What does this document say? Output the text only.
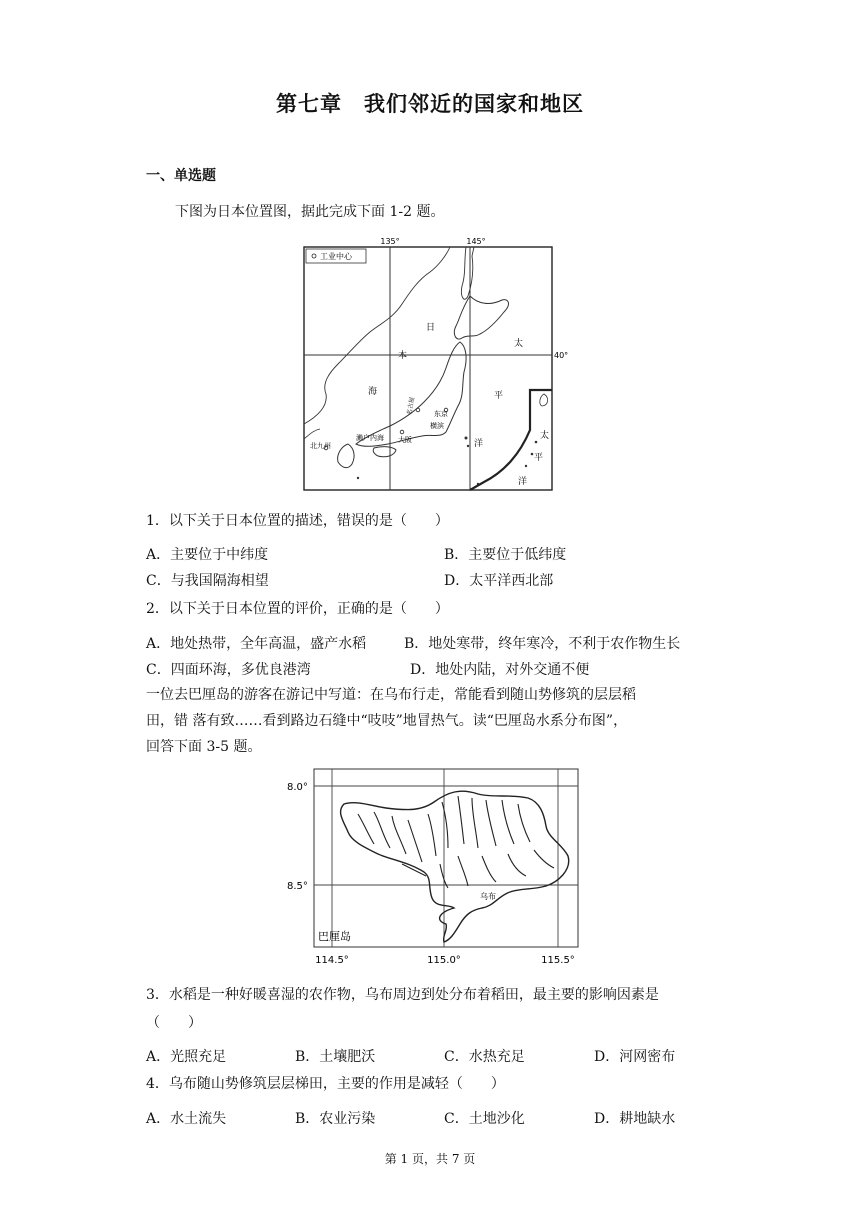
第七章　我们邻近的国家和地区
一、单选题
下图为日本位置图，据此完成下面 1-2 题。
135°	145°
40°
工业中心
日
本
海
太
平
洋
太
平
洋
北九州
濑户内海 大阪
名古屋	东京
横滨
1．以下关于日本位置的描述，错误的是（　　）
A．主要位于中纬度	B．主要位于低纬度
C．与我国隔海相望	D．太平洋西北部
2．以下关于日本位置的评价，正确的是（　　）
A．地处热带，全年高温，盛产水稻	B．地处寒带，终年寒冷，不利于农作物生长
C．四面环海，多优良港湾	D．地处内陆，对外交通不便
一位去巴厘岛的游客在游记中写道：在乌布行走，常能看到随山势修筑的层层稻
田，错 落有致……看到路边石缝中“吱吱”地冒热气。读“巴厘岛水系分布图”，
回答下面 3-5 题。
8.0°
8.5°
114.5°	115.0°	115.5°
乌布
巴厘岛
3．水稻是一种好暖喜湿的农作物，乌布周边到处分布着稻田，最主要的影响因素是
（　　）
A．光照充足	B．土壤肥沃	C．水热充足	D．河网密布
4．乌布随山势修筑层层梯田，主要的作用是减轻（　　）
A．水土流失	B．农业污染	C．土地沙化	D．耕地缺水
第 1 页，共 7 页
